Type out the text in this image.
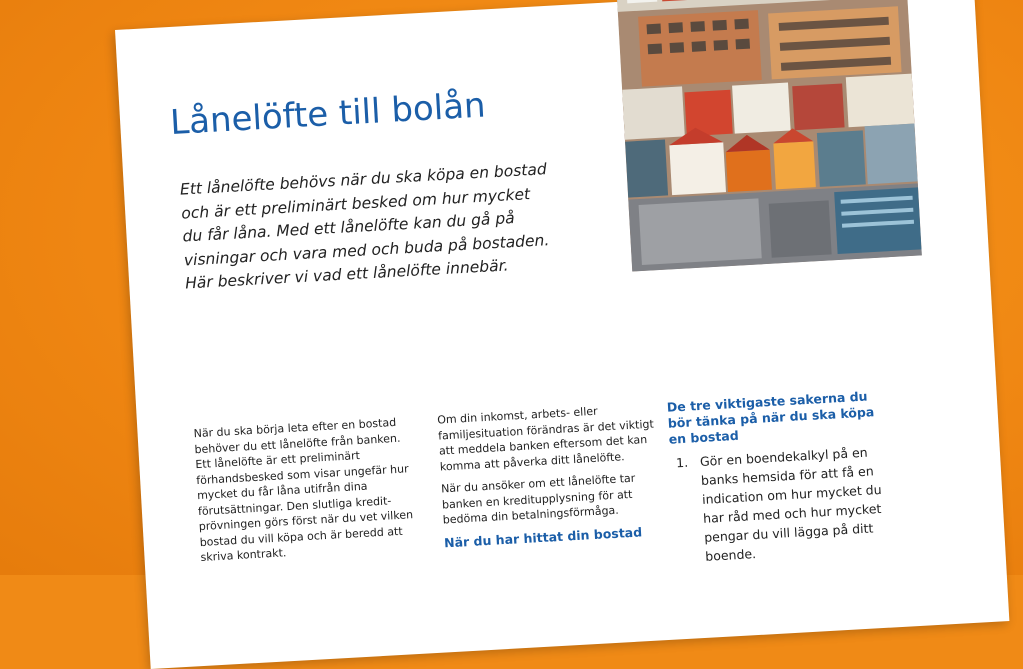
Lånelöfte till bolån

Ett lånelöfte behövs när du ska köpa en bostad och är ett preliminärt besked om hur mycket du får låna. Med ett lånelöfte kan du gå på visningar och vara med och buda på bostaden. Här beskriver vi vad ett lånelöfte innebär.

När du ska börja leta efter en bostad behöver du ett lånelöfte från banken. Ett lånelöfte är ett preliminärt förhandsbesked som visar ungefär hur mycket du får låna utifrån dina förutsättningar. Den slutliga kredit-prövningen görs först när du vet vilken bostad du vill köpa och är beredd att skriva kontrakt.

Om din inkomst, arbets- eller familjesituation förändras är det viktigt att meddela banken eftersom det kan komma att påverka ditt lånelöfte.

När du ansöker om ett lånelöfte tar banken en kreditupplysning för att bedöma din betalningsförmåga.

När du har hittat din bostad
De tre viktigaste sakerna du bör tänka på när du ska köpa en bostad
1. Gör en boendekalkyl på en banks hemsida för att få en indication om hur mycket du har råd med och hur mycket pengar du vill lägga på ditt boende.
